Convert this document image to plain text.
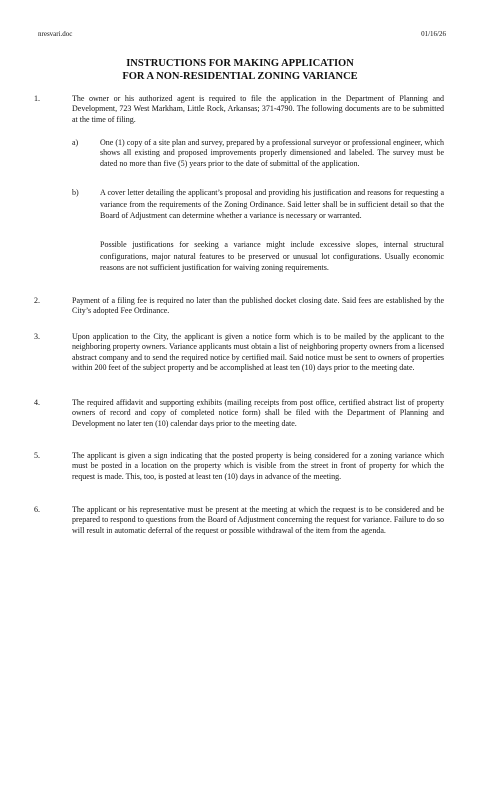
nresvari.doc	01/16/26
INSTRUCTIONS FOR MAKING APPLICATION
FOR A NON-RESIDENTIAL ZONING VARIANCE
1.	The owner or his authorized agent is required to file the application in the Department of Planning and Development, 723 West Markham, Little Rock, Arkansas; 371-4790. The following documents are to be submitted at the time of filing.
a)	One (1) copy of a site plan and survey, prepared by a professional surveyor or professional engineer, which shows all existing and proposed improvements properly dimensioned and labeled. The survey must be dated no more than five (5) years prior to the date of submittal of the application.
b)	A cover letter detailing the applicant’s proposal and providing his justification and reasons for requesting a variance from the requirements of the Zoning Ordinance. Said letter shall be in sufficient detail so that the Board of Adjustment can determine whether a variance is necessary or warranted.
Possible justifications for seeking a variance might include excessive slopes, internal structural configurations, major natural features to be preserved or unusual lot configurations. Usually economic reasons are not sufficient justification for waiving zoning requirements.
2.	Payment of a filing fee is required no later than the published docket closing date. Said fees are established by the City’s adopted Fee Ordinance.
3.	Upon application to the City, the applicant is given a notice form which is to be mailed by the applicant to the neighboring property owners. Variance applicants must obtain a list of neighboring property owners from a licensed abstract company and to send the required notice by certified mail. Said notice must be sent to owners of properties within 200 feet of the subject property and be accomplished at least ten (10) days prior to the meeting date.
4.	The required affidavit and supporting exhibits (mailing receipts from post office, certified abstract list of property owners of record and copy of completed notice form) shall be filed with the Department of Planning and Development no later ten (10) calendar days prior to the meeting date.
5.	The applicant is given a sign indicating that the posted property is being considered for a zoning variance which must be posted in a location on the property which is visible from the street in front of property for which the request is made. This, too, is posted at least ten (10) days in advance of the meeting.
6.	The applicant or his representative must be present at the meeting at which the request is to be considered and be prepared to respond to questions from the Board of Adjustment concerning the request for variance. Failure to do so will result in automatic deferral of the request or possible withdrawal of the item from the agenda.
